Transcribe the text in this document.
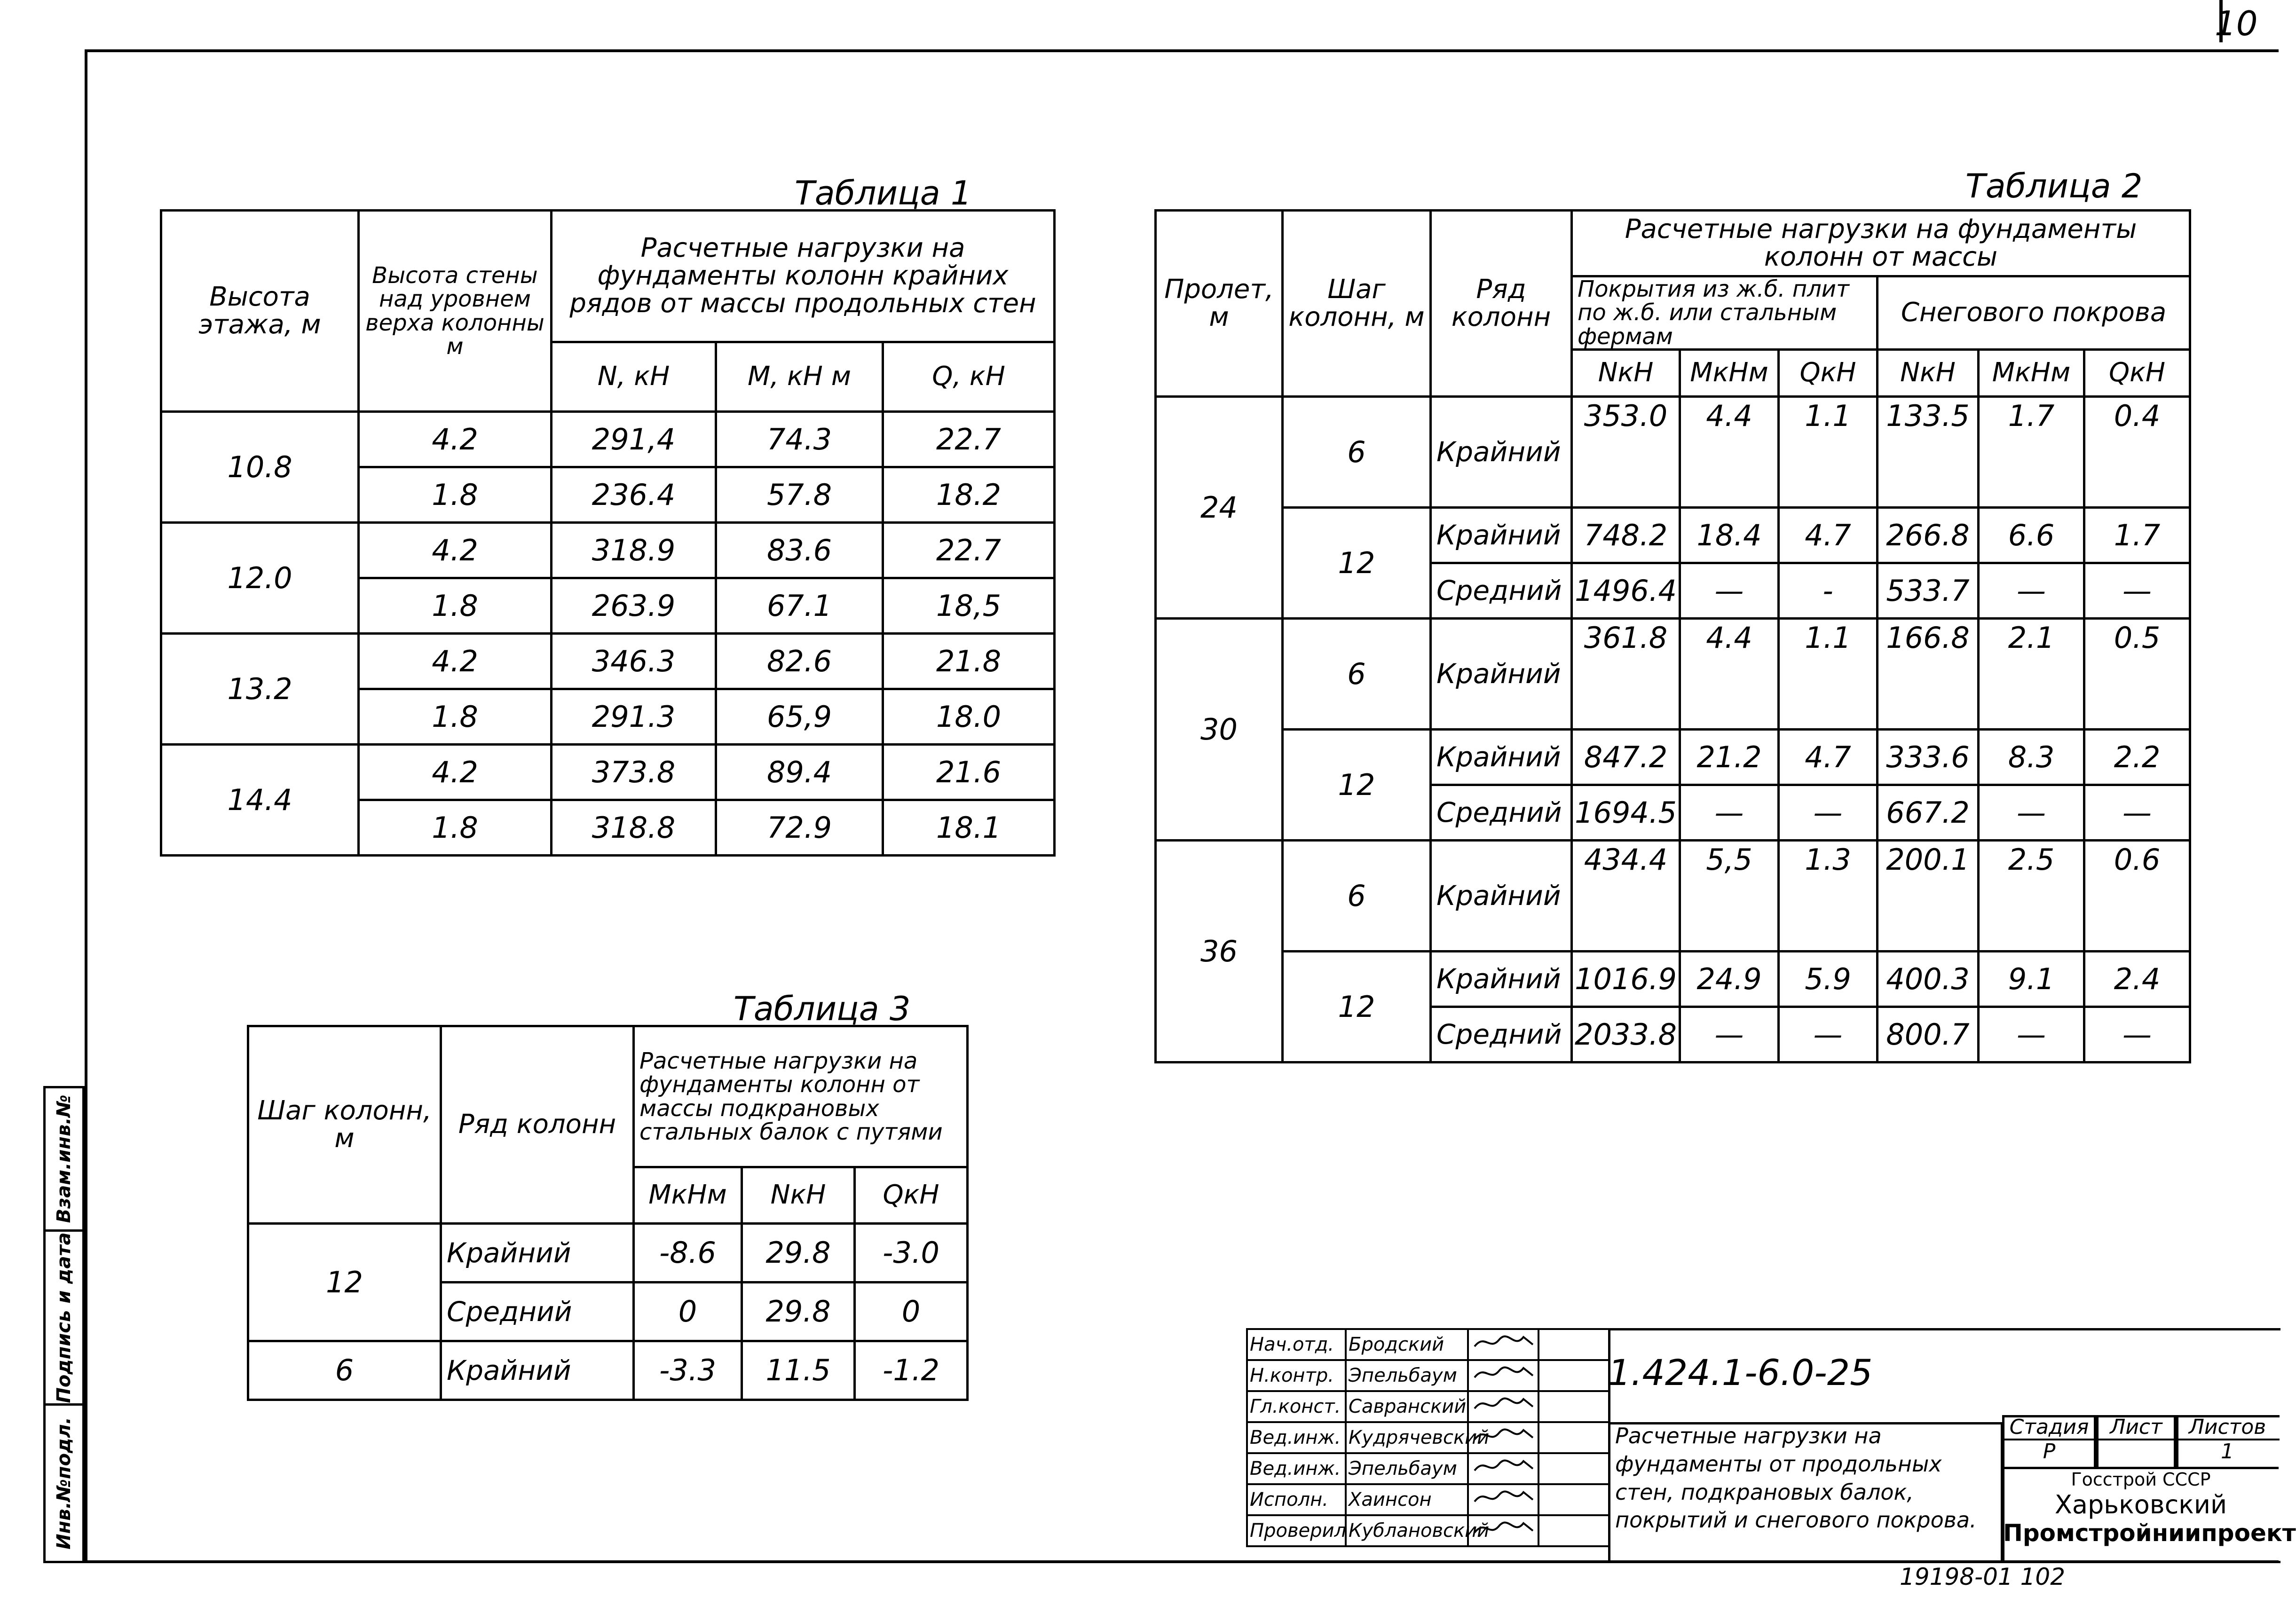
10
Таблица 1
Высота этажа, м	Высота стены над уровнем верха колонны м	Расчетные нагрузки на фундаменты колонн крайних рядов от массы продольных стен		
		N, кН	M, кН м	Q, кН
10.8	4.2	291,4	74.3	22.7
	1.8	236.4	57.8	18.2
12.0	4.2	318.9	83.6	22.7
	1.8	263.9	67.1	18,5
13.2	4.2	346.3	82.6	21.8
	1.8	291.3	65,9	18.0
14.4	4.2	373.8	89.4	21.6
	1.8	318.8	72.9	18.1
Таблица 2
Пролет, м	Шаг колонн, м	Ряд колонн	Расчетные нагрузки на фундаменты колонн от массы					
			Покрытия из ж.б. плит по ж.б. или стальным фермам			Снегового покрова		
			NкН	MкНм	QкН	NкН	MкНм	QкН
24	6	Крайний	353.0	4.4	1.1	133.5	1.7	0.4

	12	Крайний	748.2	18.4	4.7	266.8	6.6	1.7
		Средний	1496.4	—	-	533.7	—	—
30	6	Крайний	361.8	4.4	1.1	166.8	2.1	0.5

	12	Крайний	847.2	21.2	4.7	333.6	8.3	2.2
		Средний	1694.5	—	—	667.2	—	—
36	6	Крайний	434.4	5,5	1.3	200.1	2.5	0.6

	12	Крайний	1016.9	24.9	5.9	400.3	9.1	2.4
		Средний	2033.8	—	—	800.7	—	—
Таблица 3
Шаг колонн, м	Ряд колонн	Расчетные нагрузки на фундаменты колонн от массы подкрановых стальных балок с путями		
		MкНм	NкН	QкН
12	Крайний	-8.6	29.8	-3.0
	Средний	0	29.8	0
6	Крайний	-3.3	11.5	-1.2
Взам.инв.№
Подпись и дата
Инв.№подл.
Нач.отд.	Бродский		
Н.контр.	Эпельбаум		
Гл.конст.	Савранский		
Вед.инж.	Кудрячевский		
Вед.инж.	Эпельбаум		
Исполн.	Хаинсон		
Проверил	Кублановский		
1.424.1-6.0-25
Расчетные нагрузки на фундаменты от продольных стен, подкрановых балок, покрытий и снегового покрова.
Стадия	Лист	Листов
Р	1
Госстрой СССР
Харьковский
Промстройниипроект
19198-01 102
